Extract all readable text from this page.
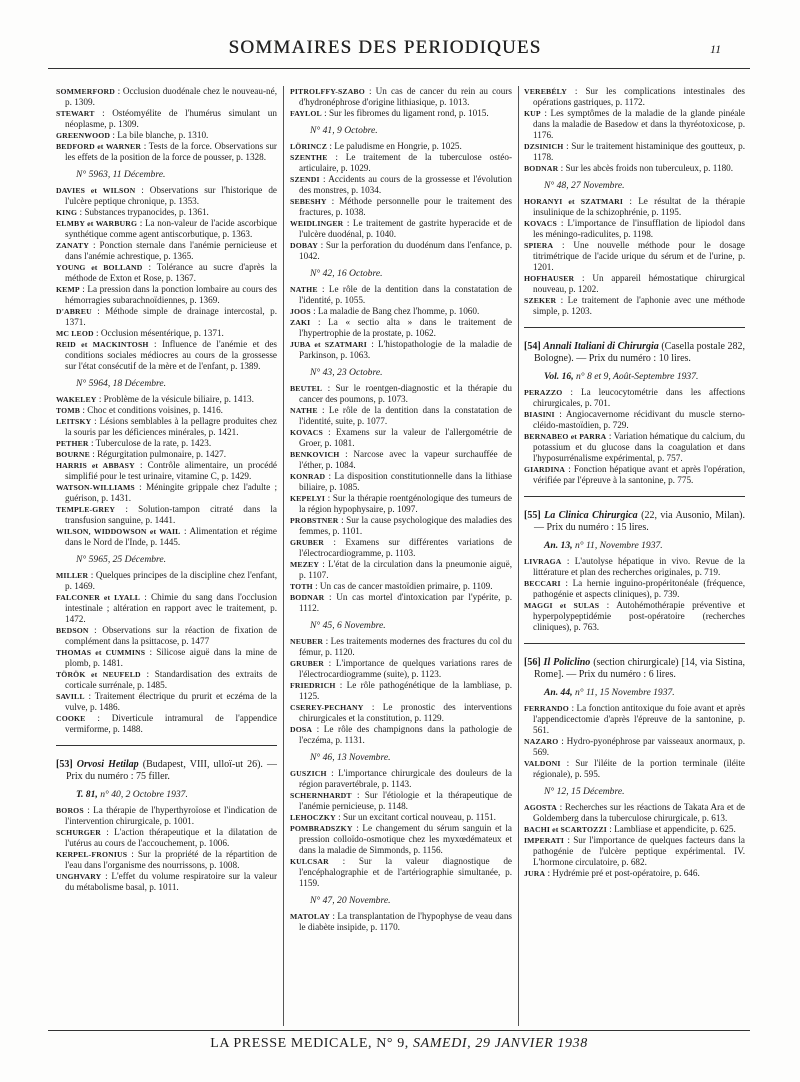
SOMMAIRES DES PERIODIQUES	11

SOMMERFORD : Occlusion duodénale chez le nouveau-né, p. 1309.

STEWART : Ostéomyélite de l'humérus simulant un néoplasme, p. 1309.

GREENWOOD : La bile blanche, p. 1310.

BEDFORD et WARNER : Tests de la force. Observations sur les effets de la position de la force de pousser, p. 1328.

N° 5963, 11 Décembre.

DAVIES et WILSON : Observations sur l'historique de l'ulcère peptique chronique, p. 1353.

KING : Substances trypanocides, p. 1361.

ELMBY et WARBURG : La non-valeur de l'acide ascorbique synthétique comme agent antiscorbutique, p. 1363.

ZANATY : Ponction sternale dans l'anémie pernicieuse et dans l'anémie achrestique, p. 1365.

YOUNG et BOLLAND : Tolérance au sucre d'après la méthode de Exton et Rose, p. 1367.

KEMP : La pression dans la ponction lombaire au cours des hémorragies subarachnoïdiennes, p. 1369.

D'ABREU : Méthode simple de drainage intercostal, p. 1371.

MC LEOD : Occlusion mésentérique, p. 1371.

REID et MACKINTOSH : Influence de l'anémie et des conditions sociales médiocres au cours de la grossesse sur l'état consécutif de la mère et de l'enfant, p. 1389.

N° 5964, 18 Décembre.

WAKELEY : Problème de la vésicule biliaire, p. 1413.

TOMB : Choc et conditions voisines, p. 1416.

LEITSKY : Lésions semblables à la pellagre produites chez la souris par les déficiences minérales, p. 1421.

PETHER : Tuberculose de la rate, p. 1423.

BOURNE : Régurgitation pulmonaire, p. 1427.

HARRIS et ABBASY : Contrôle alimentaire, un procédé simplifié pour le test urinaire, vitamine C, p. 1429.

WATSON-WILLIAMS : Méningite grippale chez l'adulte ; guérison, p. 1431.

TEMPLE-GREY : Solution-tampon citraté dans la transfusion sanguine, p. 1441.

WILSON, WIDDOWSON et WAIL : Alimentation et régime dans le Nord de l'Inde, p. 1445.

N° 5965, 25 Décembre.

MILLER : Quelques principes de la discipline chez l'enfant, p. 1469.

FALCONER et LYALL : Chimie du sang dans l'occlusion intestinale ; altération en rapport avec le traitement, p. 1472.

BEDSON : Observations sur la réaction de fixation de complément dans la psittacose, p. 1477

THOMAS et CUMMINS : Silicose aiguë dans la mine de plomb, p. 1481.

TÖRÖK et NEUFELD : Standardisation des extraits de corticale surrénale, p. 1485.

SAVILL : Traitement électrique du prurit et eczéma de la vulve, p. 1486.

COOKE : Diverticule intramural de l'appendice vermiforme, p. 1488.

[53] Orvosi Hetilap (Budapest, VIII, ulloï-ut 26). — Prix du numéro : 75 filler.

T. 81, n° 40, 2 Octobre 1937.

BOROS : La thérapie de l'hyperthyroïose et l'indication de l'intervention chirurgicale, p. 1001.

SCHURGER : L'action thérapeutique et la dilatation de l'utérus au cours de l'accouchement, p. 1006.

KERPEL-FRONIUS : Sur la propriété de la répartition de l'eau dans l'organisme des nourrissons, p. 1008.

UNGHVARY : L'effet du volume respiratoire sur la valeur du métabolisme basal, p. 1011.

PITROLFFY-SZABO : Un cas de cancer du rein au cours d'hydronéphrose d'origine lithiasique, p. 1013.

FAYLOL : Sur les fibromes du ligament rond, p. 1015.

N° 41, 9 Octobre.

LÖRINCZ : Le paludisme en Hongrie, p. 1025.

SZENTHE : Le traitement de la tuberculose ostéo-articulaire, p. 1029.

SZENDI : Accidents au cours de la grossesse et l'évolution des monstres, p. 1034.

SEBESHY : Méthode personnelle pour le traitement des fractures, p. 1038.

WEIDLINGER : Le traitement de gastrite hyperacide et de l'ulcère duodénal, p. 1040.

DOBAY : Sur la perforation du duodénum dans l'enfance, p. 1042.

N° 42, 16 Octobre.

NATHE : Le rôle de la dentition dans la constatation de l'identité, p. 1055.

JOOS : La maladie de Bang chez l'homme, p. 1060.

ZAKI : La « sectio alta » dans le traitement de l'hypertrophie de la prostate, p. 1062.

JUBA et SZATMARI : L'histopathologie de la maladie de Parkinson, p. 1063.

N° 43, 23 Octobre.

BEUTEL : Sur le roentgen-diagnostic et la thérapie du cancer des poumons, p. 1073.

NATHE : Le rôle de la dentition dans la constatation de l'identité, suite, p. 1077.

KOVACS : Examens sur la valeur de l'allergométrie de Groer, p. 1081.

BENKOVICH : Narcose avec la vapeur surchauffée de l'éther, p. 1084.

KONRAD : La disposition constitutionnelle dans la lithiase biliaire, p. 1085.

KEPELYI : Sur la thérapie roentgénologique des tumeurs de la région hypophysaire, p. 1097.

PROBSTNER : Sur la cause psychologique des maladies des femmes, p. 1101.

GRUBER : Examens sur différentes variations de l'électrocardiogramme, p. 1103.

MEZEY : L'état de la circulation dans la pneumonie aiguë, p. 1107.

TOTH : Un cas de cancer mastoïdien primaire, p. 1109.

BODNAR : Un cas mortel d'intoxication par l'ypérite, p. 1112.

N° 45, 6 Novembre.

NEUBER : Les traitements modernes des fractures du col du fémur, p. 1120.

GRUBER : L'importance de quelques variations rares de l'électrocardiogramme (suite), p. 1123.

FRIEDRICH : Le rôle pathogénétique de la lambliase, p. 1125.

CSEREY-PECHANY : Le pronostic des interventions chirurgicales et la constitution, p. 1129.

DOSA : Le rôle des champignons dans la pathologie de l'eczéma, p. 1131.

N° 46, 13 Novembre.

GUSZICH : L'importance chirurgicale des douleurs de la région paravertébrale, p. 1143.

SCHERNHARDT : Sur l'étiologie et la thérapeutique de l'anémie pernicieuse, p. 1148.

LEHOCZKY : Sur un excitant cortical nouveau, p. 1151.

POMBRADSZKY : Le changement du sérum sanguin et la pression colloïdo-osmotique chez les myxœdémateux et dans la maladie de Simmonds, p. 1156.

KULCSAR : Sur la valeur diagnostique de l'encéphalographie et de l'artériographie simultanée, p. 1159.

N° 47, 20 Novembre.

MATOLAY : La transplantation de l'hypophyse de veau dans le diabète insipide, p. 1170.

VEREBÉLY : Sur les complications intestinales des opérations gastriques, p. 1172.

KUP : Les symptômes de la maladie de la glande pinéale dans la maladie de Basedow et dans la thyréotoxicose, p. 1176.

DZSINICH : Sur le traitement histaminique des goutteux, p. 1178.

BODNAR : Sur les abcès froids non tuberculeux, p. 1180.

N° 48, 27 Novembre.

HORANYI et SZATMARI : Le résultat de la thérapie insulinique de la schizophrénie, p. 1195.

KOVACS : L'importance de l'insufflation de lipiodol dans les méningo-radiculites, p. 1198.

SPIERA : Une nouvelle méthode pour le dosage titrimétrique de l'acide urique du sérum et de l'urine, p. 1201.

HOFHAUSER : Un appareil hémostatique chirurgical nouveau, p. 1202.

SZEKER : Le traitement de l'aphonie avec une méthode simple, p. 1203.

[54] Annali Italiani di Chirurgia (Casella postale 282, Bologne). — Prix du numéro : 10 lires.

Vol. 16, n° 8 et 9, Août-Septembre 1937.

PERAZZO : La leucocytométrie dans les affections chirurgicales, p. 701.

BIASINI : Angiocavernome récidivant du muscle sterno-cléido-mastoïdien, p. 729.

BERNABEO et PARRA : Variation hématique du calcium, du potassium et du glucose dans la coagulation et dans l'hyposurrénalisme expérimental, p. 757.

GIARDINA : Fonction hépatique avant et après l'opération, vérifiée par l'épreuve à la santonine, p. 775.

[55] La Clinica Chirurgica (22, via Ausonio, Milan). — Prix du numéro : 15 lires.

An. 13, n° 11, Novembre 1937.

LIVRAGA : L'autolyse hépatique in vivo. Revue de la littérature et plan des recherches originales, p. 719.

BECCARI : La hernie inguino-propéritonéale (fréquence, pathogénie et aspects cliniques), p. 739.

MAGGI et SULAS : Autohémothérapie préventive et hyperpolypeptidémie post-opératoire (recherches cliniques), p. 763.

[56] Il Policlino (section chirurgicale) [14, via Sistina, Rome]. — Prix du numéro : 6 lires.

An. 44, n° 11, 15 Novembre 1937.

FERRANDO : La fonction antitoxique du foie avant et après l'appendicectomie d'après l'épreuve de la santonine, p. 561.

NAZARO : Hydro-pyonéphrose par vaisseaux anormaux, p. 569.

VALDONI : Sur l'iléite de la portion terminale (iléite régionale), p. 595.

N° 12, 15 Décembre.

AGOSTA : Recherches sur les réactions de Takata Ara et de Goldemberg dans la tuberculose chirurgicale, p. 613.

BACHI et SCARTOZZI : Lambliase et appendicite, p. 625.

IMPERATI : Sur l'importance de quelques facteurs dans la pathogénie de l'ulcère peptique expérimental. IV. L'hormone circulatoire, p. 682.

JURA : Hydrémie pré et post-opératoire, p. 646.

LA PRESSE MEDICALE, N° 9, SAMEDI, 29 JANVIER 1938
